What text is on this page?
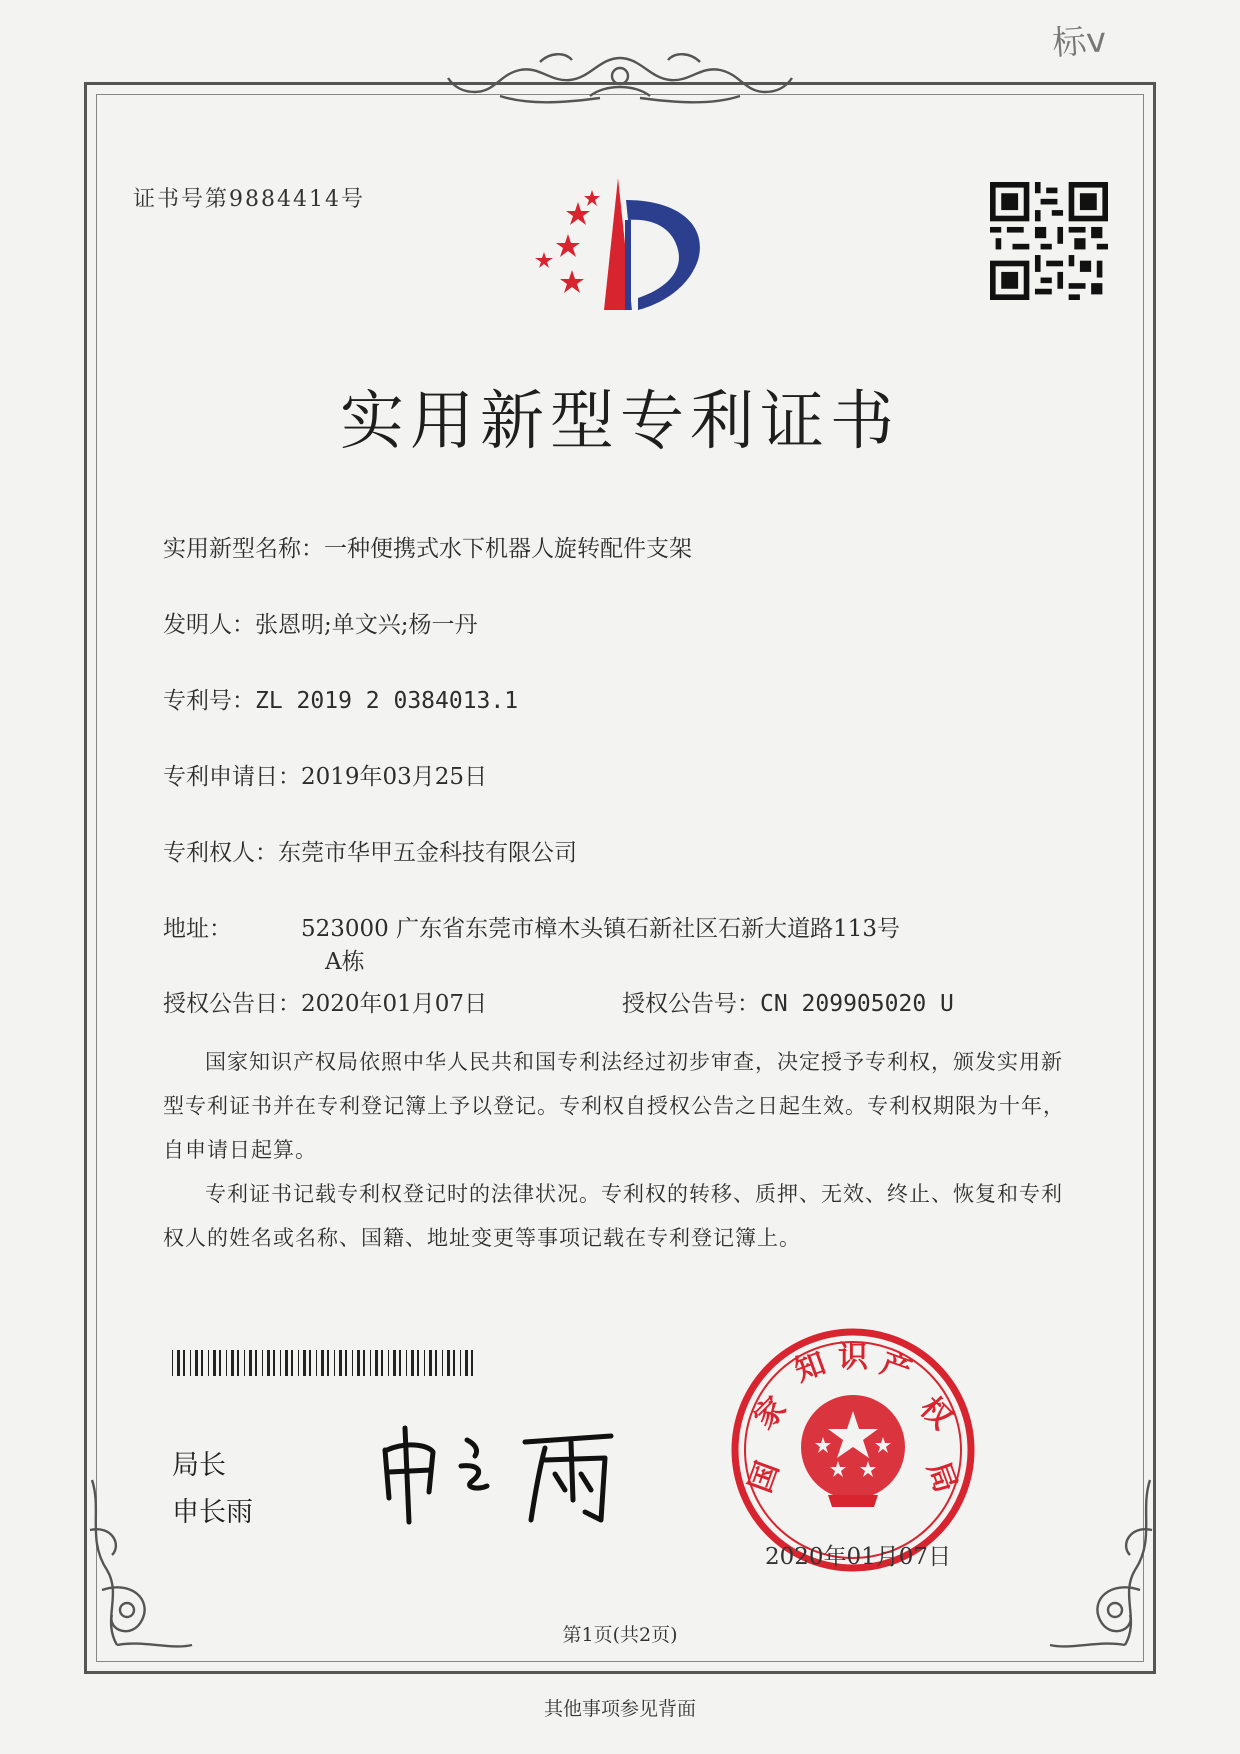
证书号第9884414号
标v
实用新型专利证书
实用新型名称：一种便携式水下机器人旋转配件支架
发明人：张恩明;单文兴;杨一丹
专利号：ZL 2019 2 0384013.1
专利申请日：2019年03月25日
专利权人：东莞市华甲五金科技有限公司
地址：	523000 广东省东莞市樟木头镇石新社区石新大道路113号
A栋
授权公告日：2020年01月07日	授权公告号：CN 209905020 U

国家知识产权局依照中华人民共和国专利法经过初步审查，决定授予专利权，颁发实用新型专利证书并在专利登记簿上予以登记。专利权自授权公告之日起生效。专利权期限为十年，自申请日起算。

专利证书记载专利权登记时的法律状况。专利权的转移、质押、无效、终止、恢复和专利权人的姓名或名称、国籍、地址变更等事项记载在专利登记簿上。

局长
申长雨
国
家
知 识 产
权
局
2020年01月07日
第1页(共2页)
其他事项参见背面
